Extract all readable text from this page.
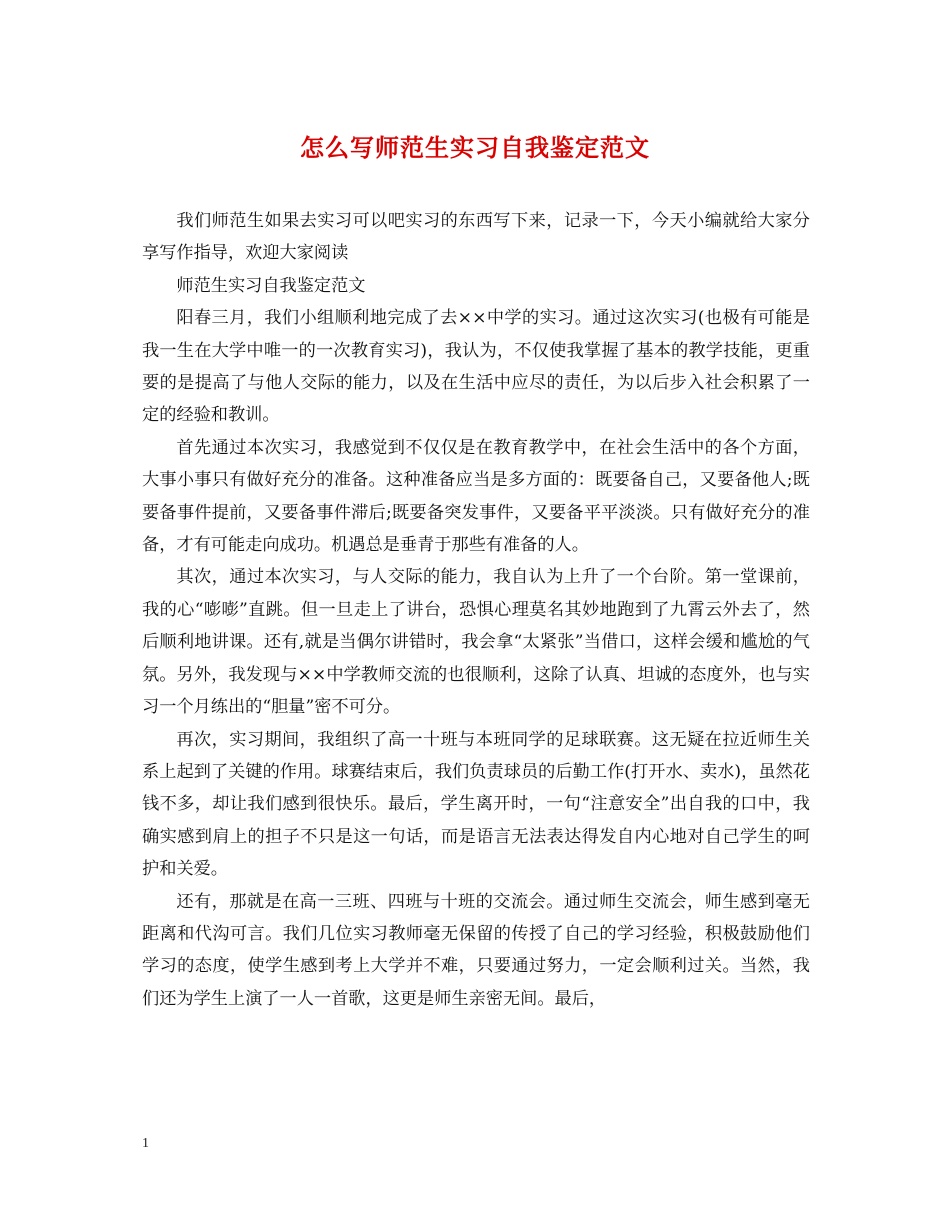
怎么写师范生实习自我鉴定范文

我们师范生如果去实习可以吧实习的东西写下来，记录一下，今天小编就给大家分享写作指导，欢迎大家阅读

师范生实习自我鉴定范文

阳春三月，我们小组顺利地完成了去××中学的实习。通过这次实习(也极有可能是我一生在大学中唯一的一次教育实习)，我认为，不仅使我掌握了基本的教学技能，更重要的是提高了与他人交际的能力，以及在生活中应尽的责任，为以后步入社会积累了一定的经验和教训。

首先通过本次实习，我感觉到不仅仅是在教育教学中，在社会生活中的各个方面，大事小事只有做好充分的准备。这种准备应当是多方面的：既要备自己，又要备他人;既要备事件提前，又要备事件滞后;既要备突发事件，又要备平平淡淡。只有做好充分的准备，才有可能走向成功。机遇总是垂青于那些有准备的人。

其次，通过本次实习，与人交际的能力，我自认为上升了一个台阶。第一堂课前，我的心“嘭嘭”直跳。但一旦走上了讲台，恐惧心理莫名其妙地跑到了九霄云外去了，然后顺利地讲课。还有,就是当偶尔讲错时，我会拿“太紧张”当借口，这样会缓和尴尬的气氛。另外，我发现与××中学教师交流的也很顺利，这除了认真、坦诚的态度外，也与实习一个月练出的“胆量”密不可分。

再次，实习期间，我组织了高一十班与本班同学的足球联赛。这无疑在拉近师生关系上起到了关键的作用。球赛结束后，我们负责球员的后勤工作(打开水、卖水)，虽然花钱不多，却让我们感到很快乐。最后，学生离开时，一句“注意安全”出自我的口中，我确实感到肩上的担子不只是这一句话，而是语言无法表达得发自内心地对自己学生的呵护和关爱。

还有，那就是在高一三班、四班与十班的交流会。通过师生交流会，师生感到毫无距离和代沟可言。我们几位实习教师毫无保留的传授了自己的学习经验，积极鼓励他们学习的态度，使学生感到考上大学并不难，只要通过努力，一定会顺利过关。当然，我们还为学生上演了一人一首歌，这更是师生亲密无间。最后，

1
